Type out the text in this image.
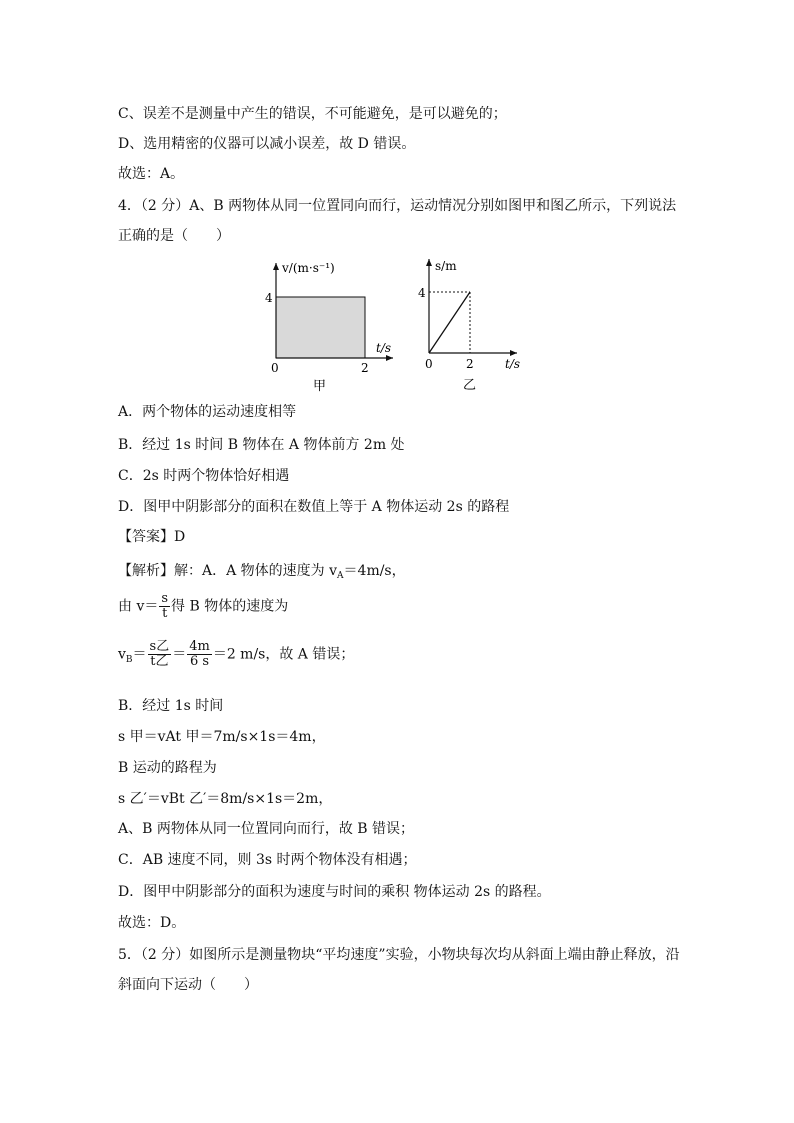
C、误差不是测量中产生的错误，不可能避免，是可以避免的；
D、选用精密的仪器可以减小误差，故 D 错误。
故选：A。
4．（2 分）A、B 两物体从同一位置同向而行，运动情况分别如图甲和图乙所示，下列说法
正确的是（　　）
v/(m·s⁻¹)
t/s
0
4
2
甲
s/m
t/s
0
4
2
乙
A．两个物体的运动速度相等
B．经过 1s 时间 B 物体在 A 物体前方 2m 处
C．2s 时两个物体恰好相遇
D．图甲中阴影部分的面积在数值上等于 A 物体运动 2s 的路程
【答案】D
【解析】解：A．A 物体的速度为 $v_A=4m/s$，
由 $v= \frac{s}{t}$ 得 B 物体的速度为
$v_B= \frac{\text{s乙}}{\text{t乙}} = \frac{4m}{6 s} =2$ m/s，故 A 错误；
B．经过 1s 时间
s 甲＝vAt 甲＝7m/s×1s＝4m，
B 运动的路程为
s 乙′＝vBt 乙′＝8m/s×1s＝2m，
A、B 两物体从同一位置同向而行，故 B 错误；
C．AB 速度不同，则 3s 时两个物体没有相遇；
D．图甲中阴影部分的面积为速度与时间的乘积 物体运动 2s 的路程。
故选：D。
5．（2 分）如图所示是测量物块“平均速度”实验，小物块每次均从斜面上端由静止释放，沿
斜面向下运动（　　）
